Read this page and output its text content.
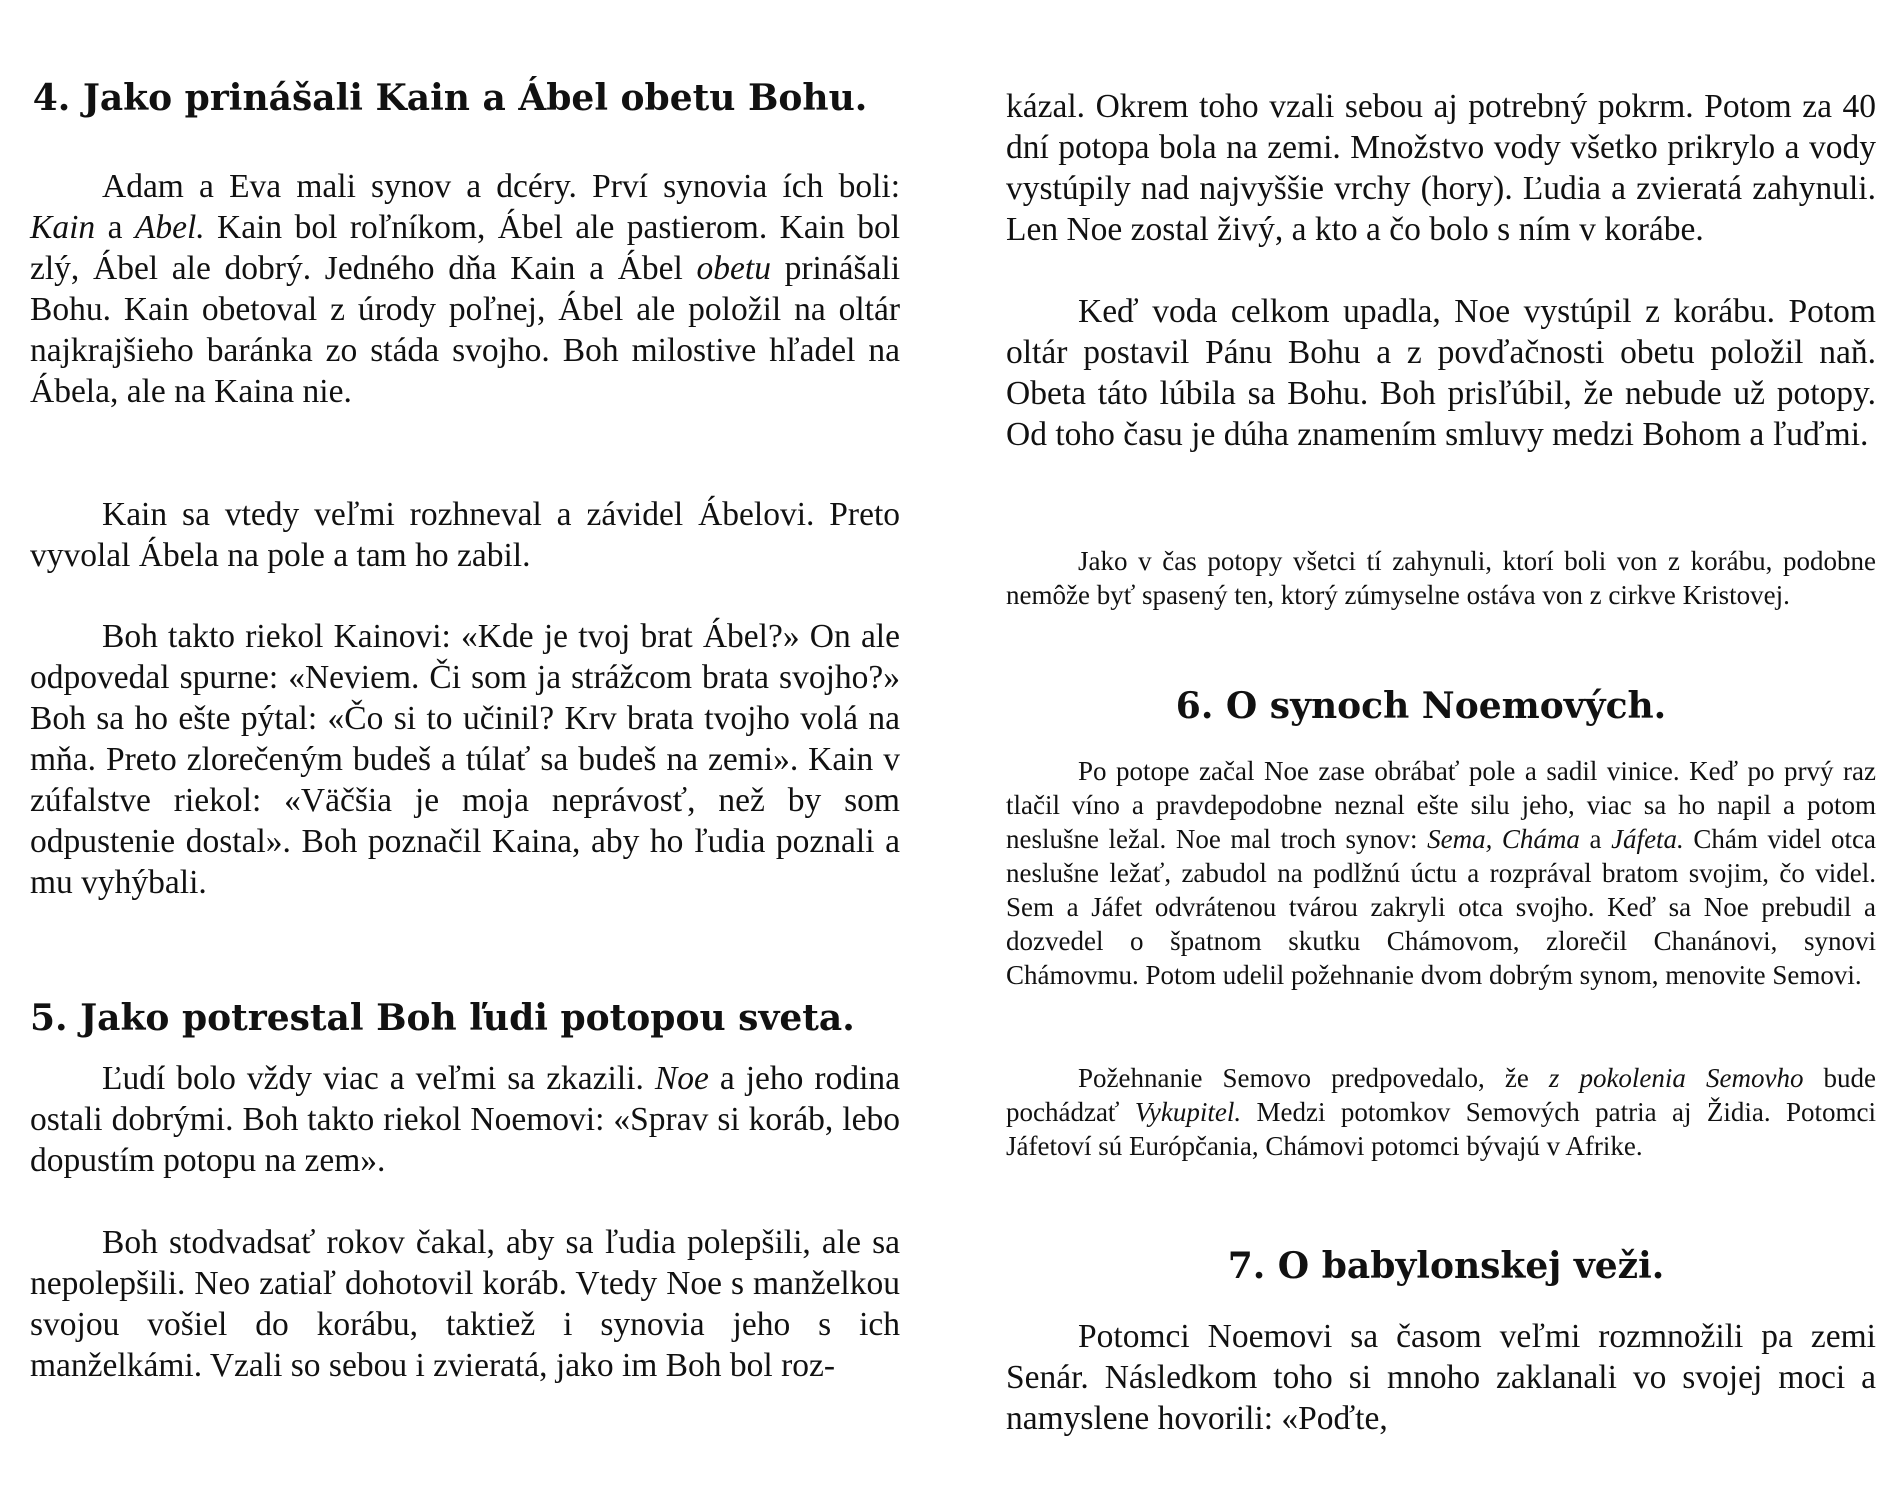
4. Jako prinášali Kain a Ábel obetu Bohu.

Adam a Eva mali synov a dcéry. Prví synovia ích boli: Kain a Abel. Kain bol roľníkom, Ábel ale pastierom. Kain bol zlý, Ábel ale dobrý. Jedného dňa Kain a Ábel obetu prinášali Bohu. Kain obetoval z úrody poľnej, Ábel ale položil na oltár najkrajšieho baránka zo stáda svojho. Boh milostive hľadel na Ábela, ale na Kaina nie.

Kain sa vtedy veľmi rozhneval a závidel Ábelovi. Preto vyvolal Ábela na pole a tam ho zabil.

Boh takto riekol Kainovi: «Kde je tvoj brat Ábel?» On ale odpovedal spurne: «Neviem. Či som ja strážcom brata svojho?» Boh sa ho ešte pýtal: «Čo si to učinil? Krv brata tvojho volá na mňa. Preto zlorečeným budeš a túlať sa budeš na zemi». Kain v zúfalstve riekol: «Väčšia je moja neprávosť, než by som odpustenie dostal». Boh poznačil Kaina, aby ho ľudia poznali a mu vyhýbali.

5. Jako potrestal Boh ľudi potopou sveta.

Ľudí bolo vždy viac a veľmi sa zkazili. Noe a jeho rodina ostali dobrými. Boh takto riekol Noemovi: «Sprav si koráb, lebo dopustím potopu na zem».

Boh stodvadsať rokov čakal, aby sa ľudia polepšili, ale sa nepolepšili. Neo zatiaľ dohotovil koráb. Vtedy Noe s manželkou svojou vošiel do korábu, taktiež i synovia jeho s ich manželkámi. Vzali so sebou i zvieratá, jako im Boh bol roz-

kázal. Okrem toho vzali sebou aj potrebný pokrm. Potom za 40 dní potopa bola na zemi. Množstvo vody všetko prikrylo a vody vystúpily nad najvyššie vrchy (hory). Ľudia a zvieratá zahynuli. Len Noe zostal živý, a kto a čo bolo s ním v korábe.

Keď voda celkom upadla, Noe vystúpil z korábu. Potom oltár postavil Pánu Bohu a z povďačnosti obetu položil naň. Obeta táto lúbila sa Bohu. Boh prisľúbil, že nebude už potopy. Od toho času je dúha znamením smluvy medzi Bohom a ľuďmi.

Jako v čas potopy všetci tí zahynuli, ktorí boli von z korábu, podobne nemôže byť spasený ten, ktorý zúmyselne ostáva von z cirkve Kristovej.

6. O synoch Noemových.

Po potope začal Noe zase obrábať pole a sadil vinice. Keď po prvý raz tlačil víno a pravdepodobne neznal ešte silu jeho, viac sa ho napil a potom neslušne ležal. Noe mal troch synov: Sema, Cháma a Jáfeta. Chám videl otca neslušne ležať, zabudol na podlžnú úctu a rozprával bratom svojim, čo videl. Sem a Jáfet odvrátenou tvárou zakryli otca svojho. Keď sa Noe prebudil a dozvedel o špatnom skutku Chámovom, zlorečil Chanánovi, synovi Chámovmu. Potom udelil požehnanie dvom dobrým synom, menovite Semovi.

Požehnanie Semovo predpovedalo, že z pokolenia Semovho bude pochádzať Vykupitel. Medzi potomkov Semových patria aj Židia. Potomci Jáfetoví sú Európčania, Chámovi potomci bývajú v Afrike.

7. O babylonskej veži.

Potomci Noemovi sa časom veľmi rozmnožili pa zemi Senár. Následkom toho si mnoho zaklanali vo svojej moci a namyslene hovorili: «Poďte,
